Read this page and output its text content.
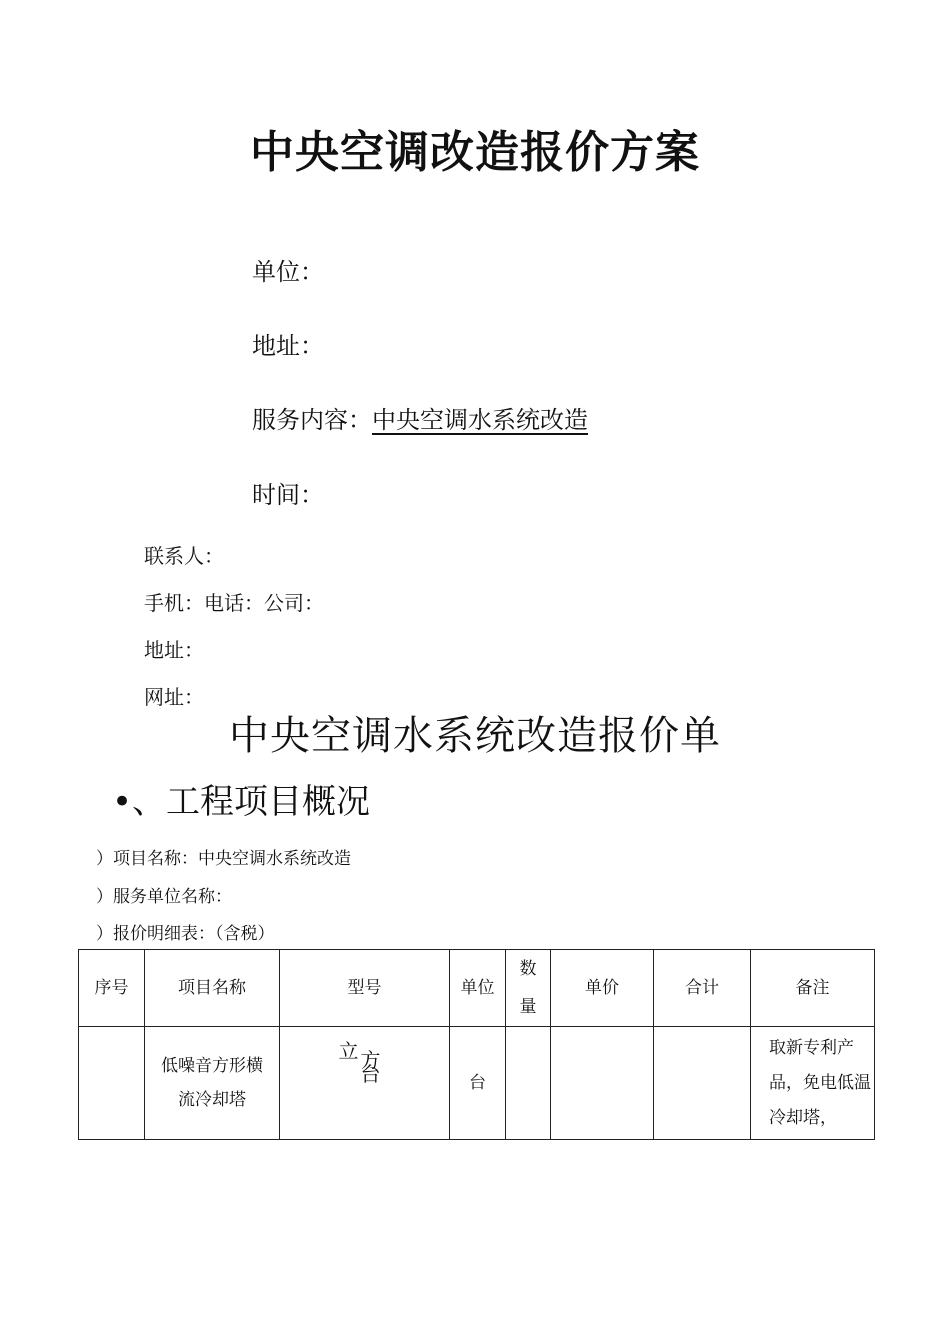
中央空调改造报价方案
单位：
地址：
服务内容：中央空调水系统改造
时间：
联系人：
手机：电话：公司：
地址：
网址：
中央空调水系统改造报价单
•、工程项目概况
）项目名称：中央空调水系统改造
）服务单位名称：
）报价明细表：（含税）
序号	项目名称	型号	单位	数量	单价	合计	备注
	低噪音方形横流冷却塔	立 方台	台				取新专利产品，免电低温冷却塔，
